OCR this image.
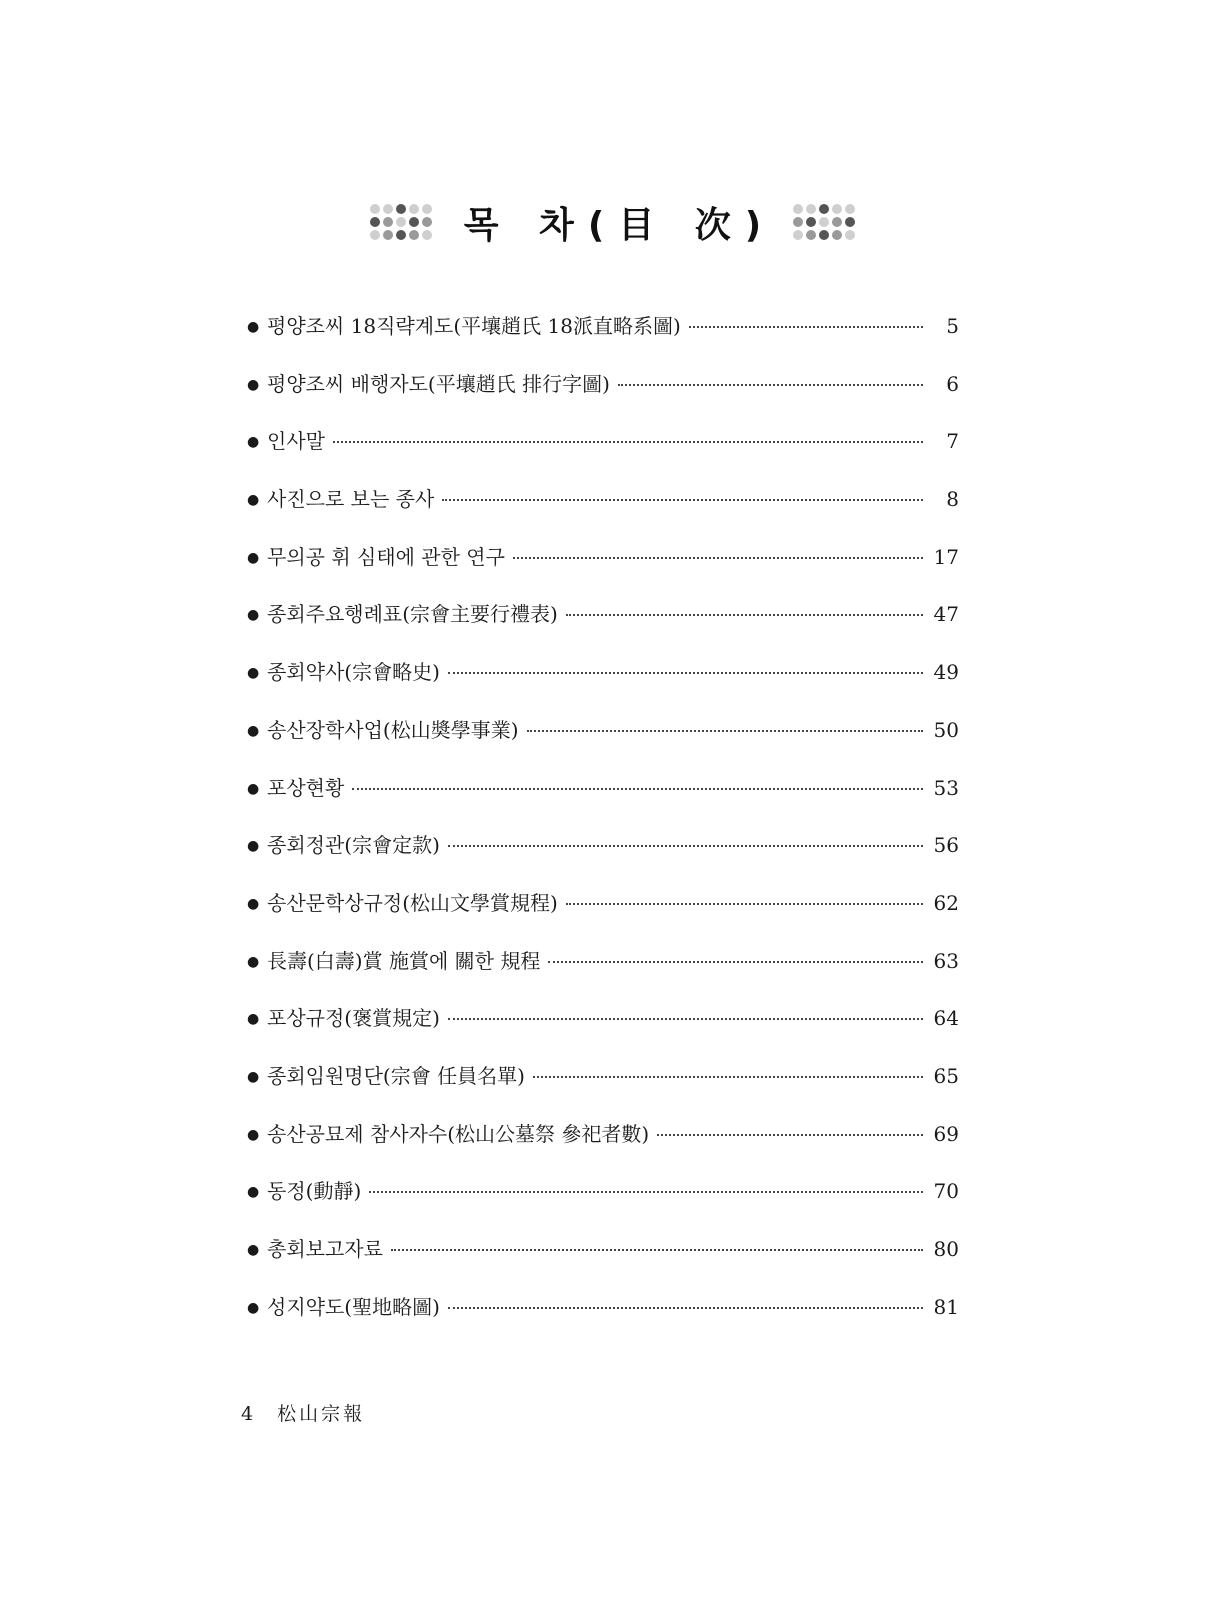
목 차(目 次)
● 평양조씨 18직략계도(平壤趙氏 18派直略系圖)	5
● 평양조씨 배행자도(平壤趙氏 排行字圖)	6
● 인사말	7
● 사진으로 보는 종사	8
● 무의공 휘 심태에 관한 연구	17
● 종회주요행례표(宗會主要行禮表)	47
● 종회약사(宗會略史)	49
● 송산장학사업(松山奬學事業)	50
● 포상현황	53
● 종회정관(宗會定款)	56
● 송산문학상규정(松山文學賞規程)	62
● 長壽(白壽)賞 施賞에 關한 規程	63
● 포상규정(褒賞規定)	64
● 종회임원명단(宗會 任員名單)	65
● 송산공묘제 참사자수(松山公墓祭 參祀者數)	69
● 동정(動靜)	70
● 총회보고자료	80
● 성지약도(聖地略圖)	81
4 松山宗報
